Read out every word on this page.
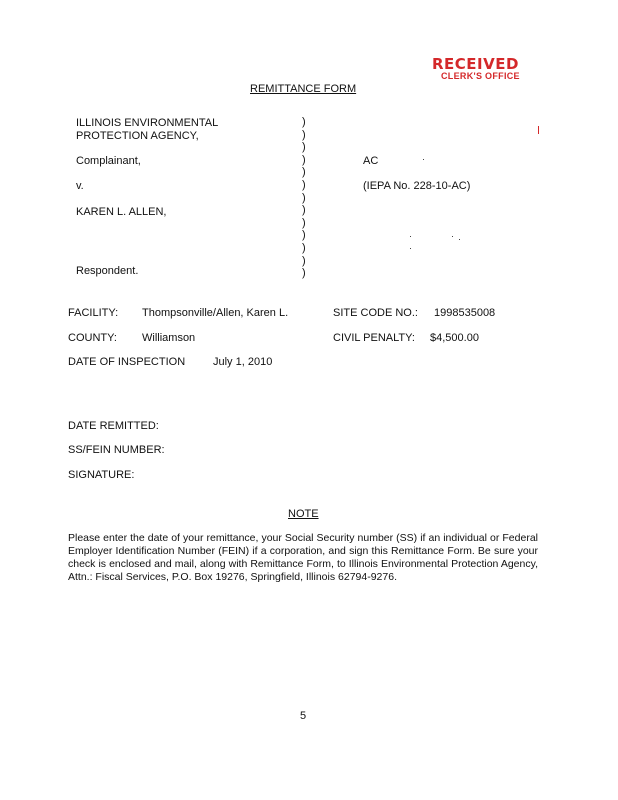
RECEIVED
CLERK'S OFFICE
REMITTANCE FORM
ILLINOIS ENVIRONMENTAL
PROTECTION AGENCY,
Complainant,
v.
KAREN L. ALLEN,
Respondent.
)
)
)
)
)
)
)
)
)
)
)
)
)
AC
(IEPA No. 228-10-AC)
FACILITY: Thompsonville/Allen, Karen L.	SITE CODE NO.: 1998535008
COUNTY: Williamson	CIVIL PENALTY: $4,500.00
DATE OF INSPECTION	July 1, 2010
DATE REMITTED:
SS/FEIN NUMBER:
SIGNATURE:
NOTE
Please enter the date of your remittance, your Social Security number (SS) if an individual or Federal Employer Identification Number (FEIN) if a corporation, and sign this Remittance Form. Be sure your check is enclosed and mail, along with Remittance Form, to Illinois Environmental Protection Agency, Attn.: Fiscal Services, P.O. Box 19276, Springfield, Illinois 62794-9276.
5
